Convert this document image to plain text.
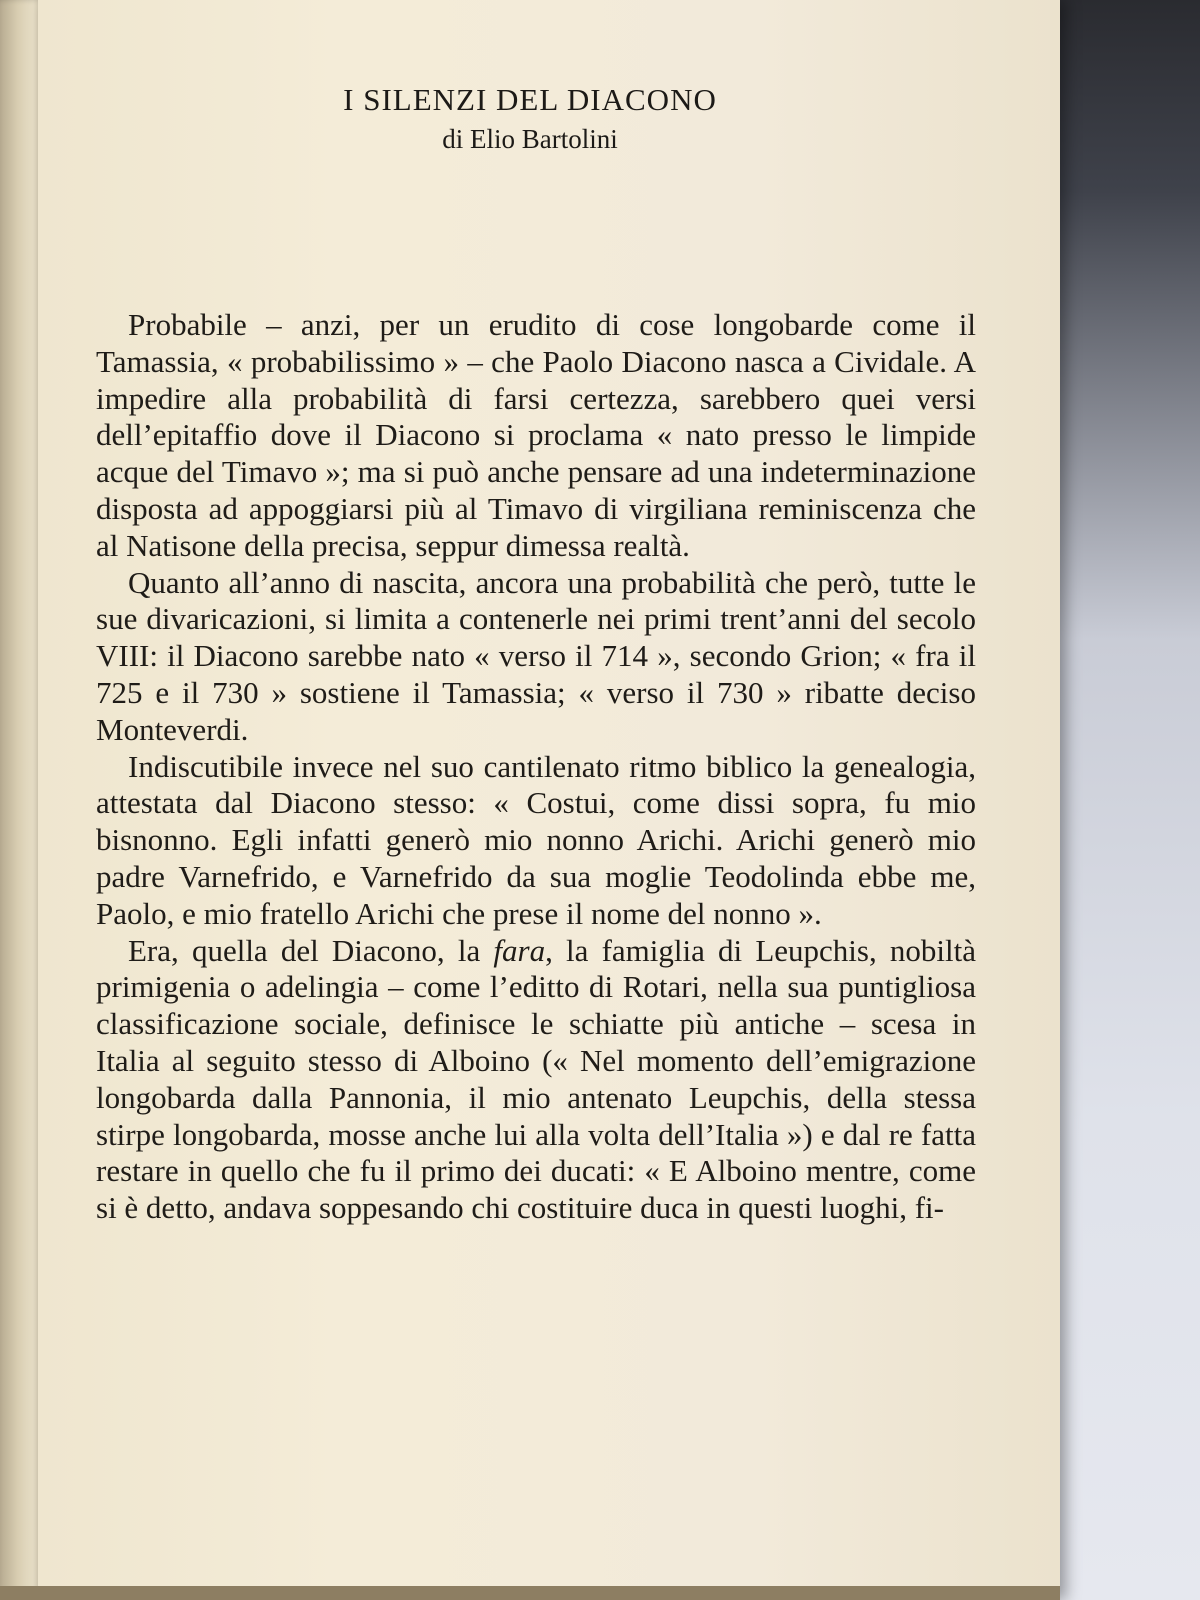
I SILENZI DEL DIACONO
di Elio Bartolini

Probabile – anzi, per un erudito di cose longobarde come il Tamassia, « probabilissimo » – che Paolo Diacono nasca a Cividale. A impedire alla probabilità di farsi certezza, sarebbero quei versi dell’epitaffio dove il Diacono si proclama « nato presso le limpide acque del Timavo »; ma si può anche pensare ad una indeterminazione disposta ad appoggiarsi più al Timavo di virgiliana reminiscenza che al Natisone della precisa, seppur dimessa realtà.

Quanto all’anno di nascita, ancora una probabilità che però, tutte le sue divaricazioni, si limita a contenerle nei primi trent’anni del secolo VIII: il Diacono sarebbe nato « verso il 714 », secondo Grion; « fra il 725 e il 730 » sostiene il Tamassia; « verso il 730 » ribatte deciso Monteverdi.

Indiscutibile invece nel suo cantilenato ritmo biblico la genealogia, attestata dal Diacono stesso: « Costui, come dissi sopra, fu mio bisnonno. Egli infatti generò mio nonno Arichi. Arichi generò mio padre Varnefrido, e Varnefrido da sua moglie Teodolinda ebbe me, Paolo, e mio fratello Arichi che prese il nome del nonno ».

Era, quella del Diacono, la fara, la famiglia di Leupchis, nobiltà primigenia o adelingia – come l’editto di Rotari, nella sua puntigliosa classificazione sociale, definisce le schiatte più antiche – scesa in Italia al seguito stesso di Alboino (« Nel momento dell’emigrazione longobarda dalla Pannonia, il mio antenato Leupchis, della stessa stirpe longobarda, mosse anche lui alla volta dell’Italia ») e dal re fatta restare in quello che fu il primo dei ducati: « E Alboino mentre, come si è detto, andava soppesando chi costituire duca in questi luoghi, fi-
